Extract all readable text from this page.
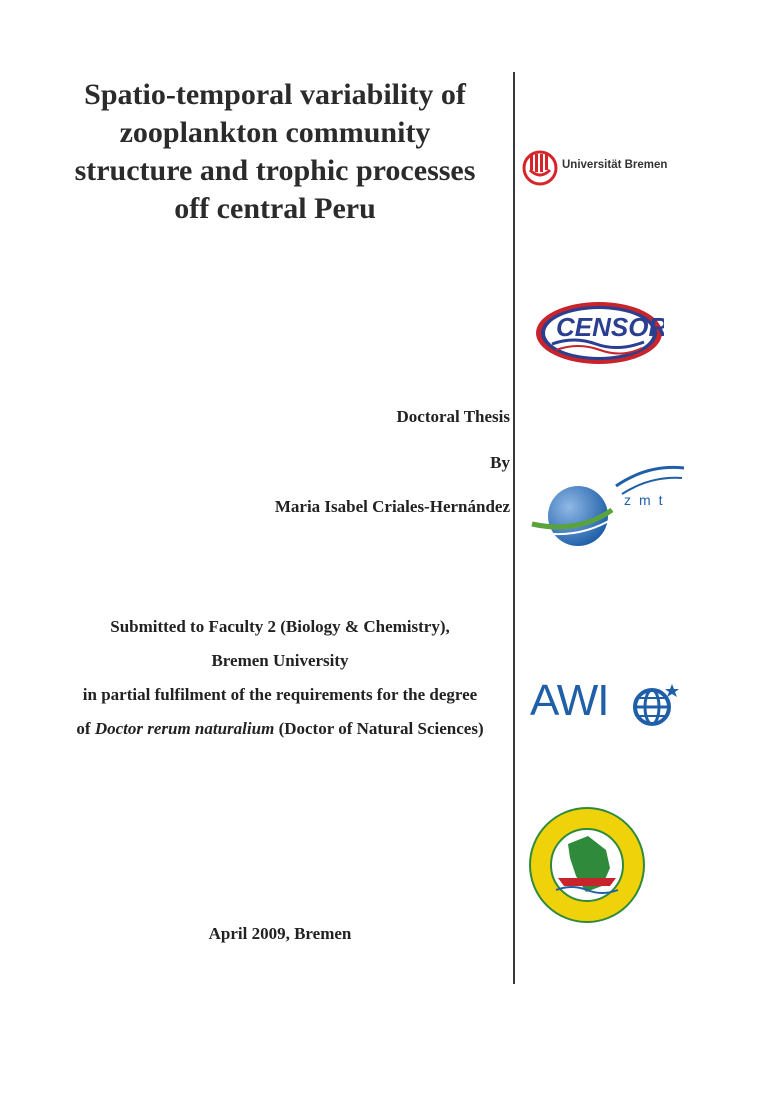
Spatio-temporal variability of
zooplankton community
structure and trophic processes
off central Peru
Doctoral Thesis
By
Maria Isabel Criales-Hernández
Submitted to Faculty 2 (Biology & Chemistry),
Bremen University
in partial fulfilment of the requirements for the degree
of Doctor rerum naturalium (Doctor of Natural Sciences)
April 2009, Bremen
Universität Bremen
CENSOR
zmt
AWI
